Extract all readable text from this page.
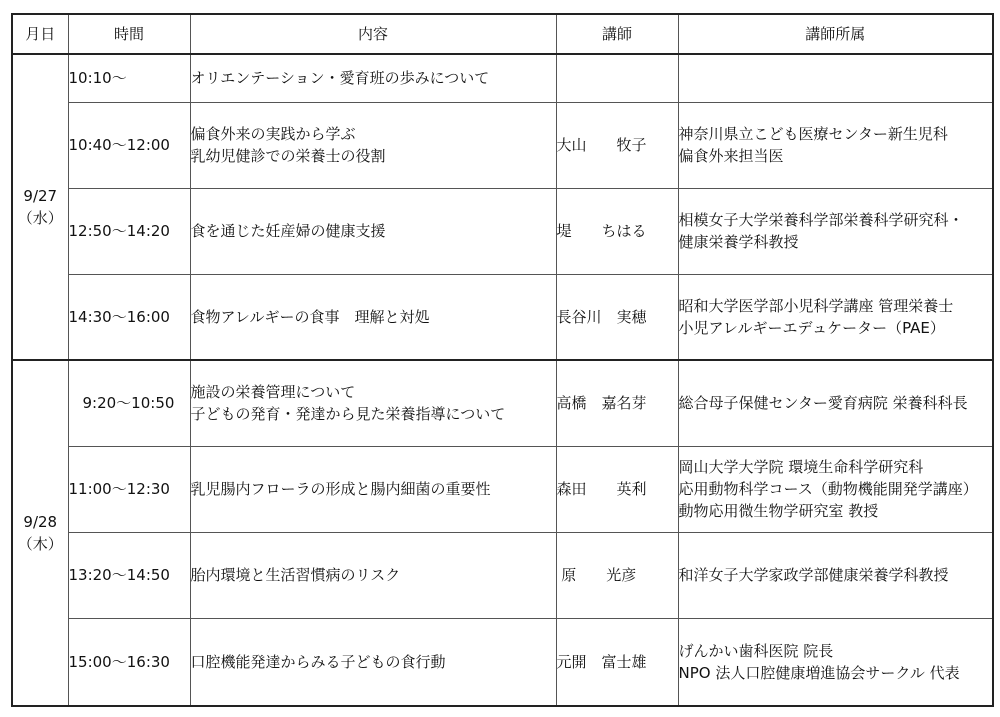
月日	時間	内容	講師	講師所属

9/27
（水）	10:10～	オリエンテーション・愛育班の歩みについて		

	10:40～12:00	偏食外来の実践から学ぶ
乳幼児健診での栄養士の役割	大山　　牧子	神奈川県立こども医療センター新生児科
偏食外来担当医

	12:50～14:20	食を通じた妊産婦の健康支援	堤　　ちはる	相模女子大学栄養科学部栄養科学研究科・
健康栄養学科教授

	14:30～16:00	食物アレルギーの食事　理解と対処	長谷川　実穂	昭和大学医学部小児科学講座 管理栄養士
小児アレルギーエデュケーター（PAE）

9/28
（木）	9:20～10:50	施設の栄養管理について
子どもの発育・発達から見た栄養指導について	高橋　嘉名芽	総合母子保健センター愛育病院 栄養科科長

	11:00～12:30	乳児腸内フローラの形成と腸内細菌の重要性	森田　　英利	岡山大学大学院 環境生命科学研究科
応用動物科学コース（動物機能開発学講座）
動物応用微生物学研究室 教授

	13:20～14:50	胎内環境と生活習慣病のリスク	原　　光彦	和洋女子大学家政学部健康栄養学科教授

	15:00～16:30	口腔機能発達からみる子どもの食行動	元開　富士雄	げんかい歯科医院 院長
NPO 法人口腔健康増進協会サークル 代表
